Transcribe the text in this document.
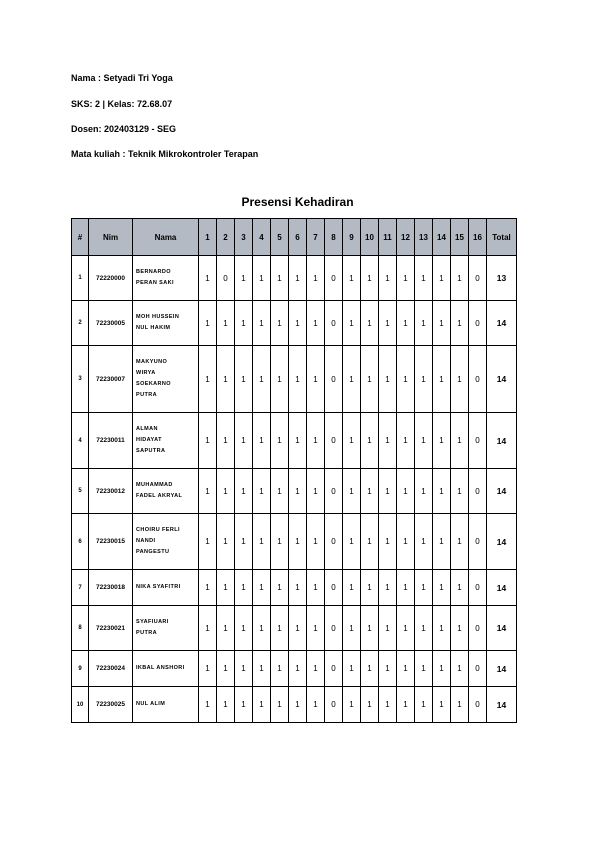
Nama : Setyadi Tri Yoga
SKS: 2 | Kelas: 72.68.07
Dosen: 202403129 - SEG
Mata kuliah : Teknik Mikrokontroler Terapan
Presensi Kehadiran
#	Nim	Nama	1	2	3	4	5	6	7	8	9	10	11	12	13	14	15	16	Total
1	72220000	BERNARDO
PERAN SAKI	1	0	1	1	1	1	1	0	1	1	1	1	1	1	1	0	13
2	72230005	MOH HUSSEIN
NUL HAKIM	1	1	1	1	1	1	1	0	1	1	1	1	1	1	1	0	14
3	72230007	MAKYUNO
WIRYA
SOEKARNO
PUTRA	1	1	1	1	1	1	1	0	1	1	1	1	1	1	1	0	14
4	72230011	ALMAN
HIDAYAT
SAPUTRA	1	1	1	1	1	1	1	0	1	1	1	1	1	1	1	0	14
5	72230012	MUHAMMAD
FADEL AKRYAL	1	1	1	1	1	1	1	0	1	1	1	1	1	1	1	0	14
6	72230015	CHOIRU FERLI
NANDI
PANGESTU	1	1	1	1	1	1	1	0	1	1	1	1	1	1	1	0	14
7	72230018	NIKA SYAFITRI	1	1	1	1	1	1	1	0	1	1	1	1	1	1	1	0	14
8	72230021	SYAFIUARI
PUTRA	1	1	1	1	1	1	1	0	1	1	1	1	1	1	1	0	14
9	72230024	IKBAL ANSHORI	1	1	1	1	1	1	1	0	1	1	1	1	1	1	1	0	14
10	72230025	NUL ALIM	1	1	1	1	1	1	1	0	1	1	1	1	1	1	1	0	14
